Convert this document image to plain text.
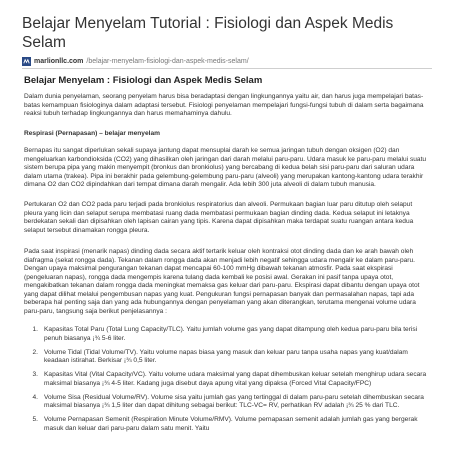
Belajar Menyelam Tutorial : Fisiologi dan Aspek Medis Selam
marlionllc.com /belajar-menyelam-fisiologi-dan-aspek-medis-selam/
Belajar Menyelam : Fisiologi dan Aspek Medis Selam
Dalam dunia penyelaman, seorang penyelam harus bisa beradaptasi dengan lingkungannya yaitu air, dan harus juga mempelajari batas-batas kemampuan fisiologinya dalam adaptasi tersebut. Fisiologi penyelaman mempelajari fungsi-fungsi tubuh di dalam serta bagaimana reaksi tubuh terhadap lingkungannya dan harus memahaminya dahulu.
Respirasi (Pernapasan) – belajar menyelam
Bernapas itu sangat diperlukan sekali supaya jantung dapat mensuplai darah ke semua jaringan tubuh dengan oksigen (O2) dan mengeluarkan karbondioksida (CO2) yang dihasilkan oleh jaringan dari darah melalui paru-paru. Udara masuk ke paru-paru melalui suatu sistem berupa pipa yang makin menyempit (bronkus dan bronkiolus) yang bercabang di kedua belah sisi paru-paru dari saluran udara dalam utama (trakea). Pipa ini berakhir pada gelembung-gelembung paru-paru (alveoli) yang merupakan kantong-kantong udara terakhir dimana O2 dan CO2 dipindahkan dari tempat dimana darah mengalir. Ada lebih 300 juta alveoli di dalam tubuh manusia.
Pertukaran O2 dan CO2 pada paru terjadi pada bronkiolus respiratorius dan alveoli. Permukaan bagian luar paru ditutup oleh selaput pleura yang licin dan selaput serupa membatasi ruang dada membatasi permukaan bagian dinding dada. Kedua selaput ini letaknya berdekatan sekali dan dipisahkan oleh lapisan cairan yang tipis. Karena dapat dipisahkan maka terdapat suatu ruangan antara kedua selaput tersebut dinamakan rongga pleura.
Pada saat inspirasi (menarik napas) dinding dada secara aktif tertarik keluar oleh kontraksi otot dinding dada dan ke arah bawah oleh diafragma (sekat rongga dada). Tekanan dalam rongga dada akan menjadi lebih negatif sehingga udara mengalir ke dalam paru-paru. Dengan upaya maksimal pengurangan tekanan dapat mencapai 60-100 mmHg dibawah tekanan atmosfir. Pada saat ekspirasi (pengeluaran napas), rongga dada mengempis karena tulang dada kembali ke posisi awal. Gerakan ini pasif tanpa upaya otot, mengakibatkan tekanan dalam rongga dada meningkat memaksa gas keluar dari paru-paru. Ekspirasi dapat dibantu dengan upaya otot yang dapat dilihat melalui pengembusan napas yang kuat. Pengukuran fungsi pernapasan banyak dan permasalahan napas, tapi ada beberapa hal penting saja dan yang ada hubungannya dengan penyelaman yang akan diterangkan, terutama mengenai volume udara paru-paru, tangsung saja berikut penjelasannya :
1. Kapasitas Total Paru (Total Lung Capacity/TLC). Yaitu jumlah volume gas yang dapat ditampung oleh kedua paru-paru bila terisi penuh biasanya ¡¾ 5-6 liter.
2. Volume Tidal (Tidal Volume/TV). Yaitu volume napas biasa yang masuk dan keluar paru tanpa usaha napas yang kuat/dalam keadaan istirahat. Berkisar ¡¾ 0,5 liter.
3. Kapasitas Vital (Vital Capacity/VC). Yaitu volume udara maksimal yang dapat dihembuskan keluar setelah menghirup udara secara maksimal biasanya ¡¾ 4-5 liter. Kadang juga disebut daya apung vital yang dipaksa (Forced Vital Capacity/FPC)
4. Volume Sisa (Residual Volume/RV). Volume sisa yaitu jumlah gas yang tertinggal di dalam paru-paru setelah dihembuskan secara maksimal biasanya ¡¾ 1,5 liter dan dapat dihitung sebagai berikut: TLC-VC= RV, perhatikan RV adalah ¡¾ 25 % dari TLC.
5. Volume Pernapasan Semenit (Respiration Minute Volume/RMV). Volume pernapasan semenit adalah jumlah gas yang bergerak masuk dan keluar dari paru-paru dalam satu menit. Yaitu
